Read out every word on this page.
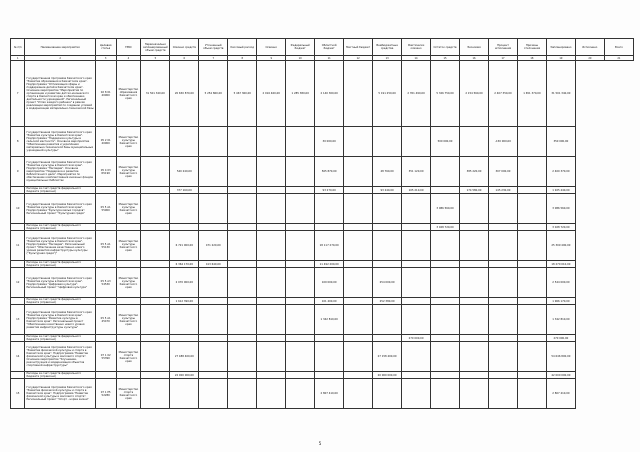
№ п/п	Наименование мероприятия	Целевая статья	ГРБС	Первоначально запланированный объем средств	Освоено средств	Уточненный объем средств	Кассовый расход	Освоено	Федеральный бюджет	Областной бюджет	Местный бюджет	Внебюджетные средства	Фактически освоено	Остаток средств	Экономия	Процент исполнения	Причины отклонения	Запланировано	Исполнено	Всего
1	2	3	4	5	6	7	8	9	10	11	12	13	14	15	16	17	18	19	20	21
7	Государственная программа Камчатского края "Развитие образования в Камчатском крае". Подпрограмма "Оптимизация сферы и поддержание детей в Камчатском крае". Основное мероприятие "Мероприятия по организации и развитию детско-юношеского спорта в Камчатском крае и обеспечению деятельности учреждений". Региональный проект "Успех каждого ребенка" в рамках реализации мероприятий по созданию условий и модернизации материально-технической базы	02 8 01 40900	Министерство образования Камчатского края	31 501 340,00	20 650 870,00	5 254 860,00	5 467 360,00	2 016 460,00	1 285 380,00	2 140 300,00		5 191 250,00	2 351 490,00	5 326 750,00	2 154 560,00	2 407 350,00	1 651 370,00	31 501 340,00		
8	Государственная программа Камчатского края "Развитие культуры в Камчатском крае". Подпрограмма "Поддержка культуры в сельской местности". Основное мероприятие "Обеспечение развития и укрепления материально-технической базы муниципальных учреждений культуры"	05 2 01 40900	Министерство культуры Камчатского края							30 000,00				500 000,00		-150 000,00		350 000,00		
9	Государственная программа Камчатского края "Развитие культуры в Камчатском крае". Подпрограмма "Наследие". Основное мероприятие "Поддержка и развитие библиотечного дела". Мероприятия по обеспечению комплектования книжных фондов муниципальных библиотек	05 4 03 R5190	Министерство культуры Камчатского края		540 240,00					565 870,00		48 760,00	351 120,00		385 220,00	307 000,00		2 400 370,00		
	Расходы за счет средств федерального бюджета (справочно)				377 160,00					93 270,00		93 240,00	105 210,00		174 580,00	145 230,00		1 925 440,00		
10	Государственная программа Камчатского края "Развитие культуры в Камчатском крае". Подпрограмма "Культура малых городов". Региональный проект "Культурная среда"	05 5 A1 55900	Министерство культуры Камчатского края											3 086 560,00				3 086 560,00		
	Расходы за счет средств федерального бюджета (справочно)													3 028 720,00				3 028 720,00		
11	Государственная программа Камчатского края "Развитие культуры в Камчатском крае". Подпрограмма "Наследие". Региональный проект "Обеспечение качественно нового уровня развития инфраструктуры культуры ("Культурная среда")"	05 5 A1 55130	Министерство культуры Камчатского края		6 721 000,00	471 220,00				18 117 270,00								25 309 490,00		
	Расходы за счет средств федерального бюджета (справочно)				6 364 170,00	413 640,00				11 492 200,00								18 270 010,00		
12	Государственная программа Камчатского края "Развитие культуры в Камчатском крае". Подпрограмма "Цифровая культура". Региональный проект "Цифровая культура"	05 5 A3 54530	Министерство культуры Камчатского края		2 070 000,00					109 000,00		254 000,00						2 544 000,00		
	Расходы за счет средств федерального бюджета (справочно)				1 612 390,00					101 400,00		252 380,00						1 966 170,00		
13	Государственная программа Камчатского края "Развитие культуры в Камчатском крае". Подпрограмма "Развитие культуры в Камчатском крае". Региональный проект "Обеспечение качественно нового уровня развития инфраструктуры культуры"	05 5 A1 45470	Министерство культуры Камчатского края							1 342 810,00								1 342 810,00		
	Расходы за счет средств федерального бюджета (справочно)												270 000,00					270 000,00		
14	Государственная программа Камчатского края "Развитие физической культуры и спорта в Камчатском крае". Подпрограмма "Развитие физической культуры и массового спорта". Основное мероприятие "Улучшение, реконструкция и модернизация объектов спортивной инфраструктуры"	07 1 02 55390	Министерство спорта Камчатского края		27 488 400,00							27 158 400,00						54 646 800,00		
	Расходы за счет средств федерального бюджета (справочно)				22 000 000,00							20 000 000,00						42 000 000,00		
15	Государственная программа Камчатского края "Развитие физической культуры и спорта в Камчатском крае". Подпрограмма "Развитие физической культуры и массового спорта". Региональный проект "Спорт - норма жизни"	07 1 P5 52280	Министерство спорта Камчатского края							2 807 410,00								2 807 410,00		
5
